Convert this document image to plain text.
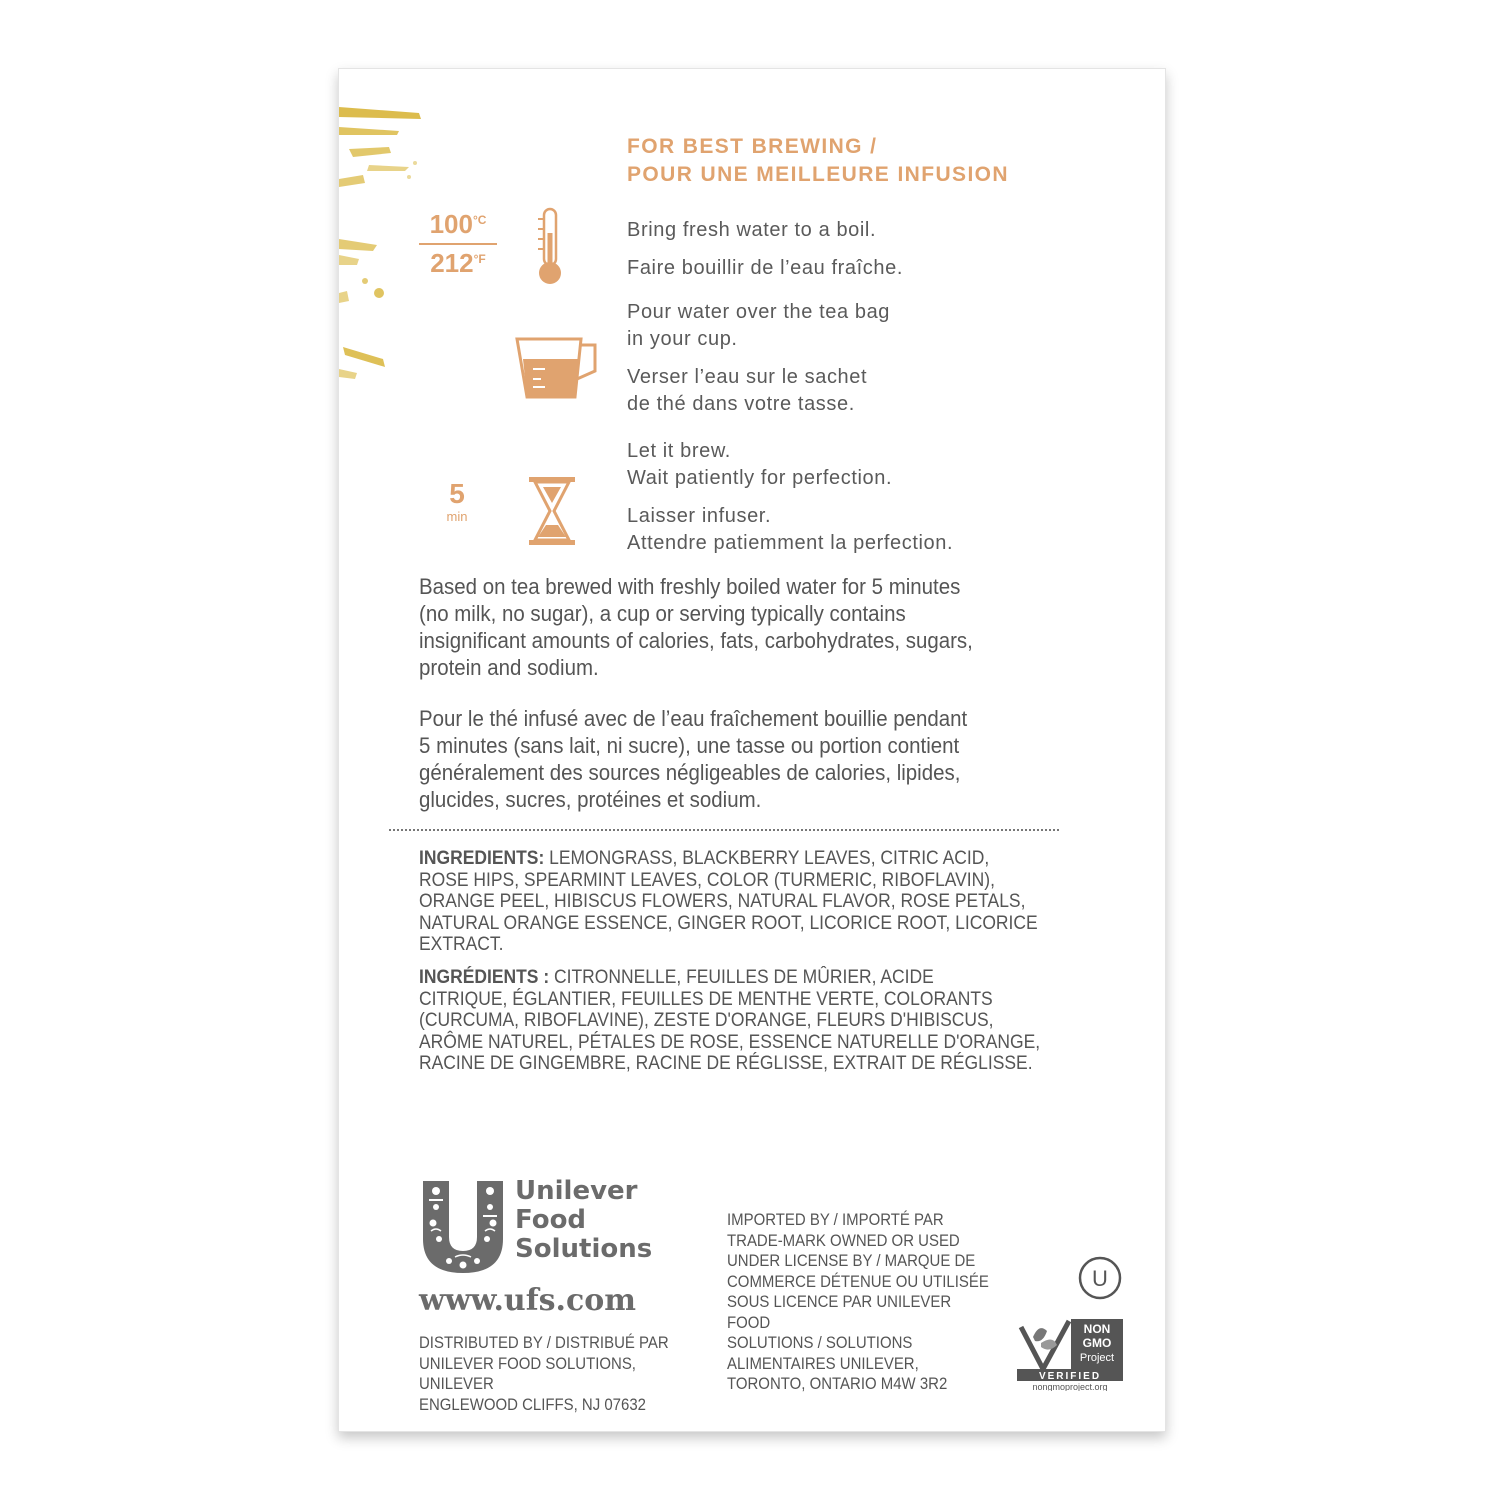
FOR BEST BREWING /
POUR UNE MEILLEURE INFUSION
$100^{^\circ C}$
$212^{^\circ F}$
5
min
Bring fresh water to a boil.
Faire bouillir de l’eau fraîche.
Pour water over the tea bag
in your cup.
Verser l’eau sur le sachet
de thé dans votre tasse.
Let it brew.
Wait patiently for perfection.
Laisser infuser.
Attendre patiemment la perfection.
Based on tea brewed with freshly boiled water for 5 minutes
(no milk, no sugar), a cup or serving typically contains
insignificant amounts of calories, fats, carbohydrates, sugars,
protein and sodium.
Pour le thé infusé avec de l’eau fraîchement bouillie pendant
5 minutes (sans lait, ni sucre), une tasse ou portion contient
généralement des sources négligeables de calories, lipides,
glucides, sucres, protéines et sodium.
INGREDIENTS: LEMONGRASS, BLACKBERRY LEAVES, CITRIC ACID,
ROSE HIPS, SPEARMINT LEAVES, COLOR (TURMERIC, RIBOFLAVIN),
ORANGE PEEL, HIBISCUS FLOWERS, NATURAL FLAVOR, ROSE PETALS,
NATURAL ORANGE ESSENCE, GINGER ROOT, LICORICE ROOT, LICORICE
EXTRACT.
INGRÉDIENTS : CITRONNELLE, FEUILLES DE MÛRIER, ACIDE
CITRIQUE, ÉGLANTIER, FEUILLES DE MENTHE VERTE, COLORANTS
(CURCUMA, RIBOFLAVINE), ZESTE D'ORANGE, FLEURS D'HIBISCUS,
ARÔME NATUREL, PÉTALES DE ROSE, ESSENCE NATURELLE D'ORANGE,
RACINE DE GINGEMBRE, RACINE DE RÉGLISSE, EXTRAIT DE RÉGLISSE.
Unilever
Food
Solutions
www.ufs.com
DISTRIBUTED BY / DISTRIBUÉ PAR
UNILEVER FOOD SOLUTIONS, UNILEVER
ENGLEWOOD CLIFFS, NJ 07632
IMPORTED BY / IMPORTÉ PAR
TRADE-MARK OWNED OR USED
UNDER LICENSE BY / MARQUE DE
COMMERCE DÉTENUE OU UTILISÉE
SOUS LICENCE PAR UNILEVER FOOD
SOLUTIONS / SOLUTIONS
ALIMENTAIRES UNILEVER,
TORONTO, ONTARIO M4W 3R2
U
NON
GMO
Project
VERIFIED
nongmoproject.org
